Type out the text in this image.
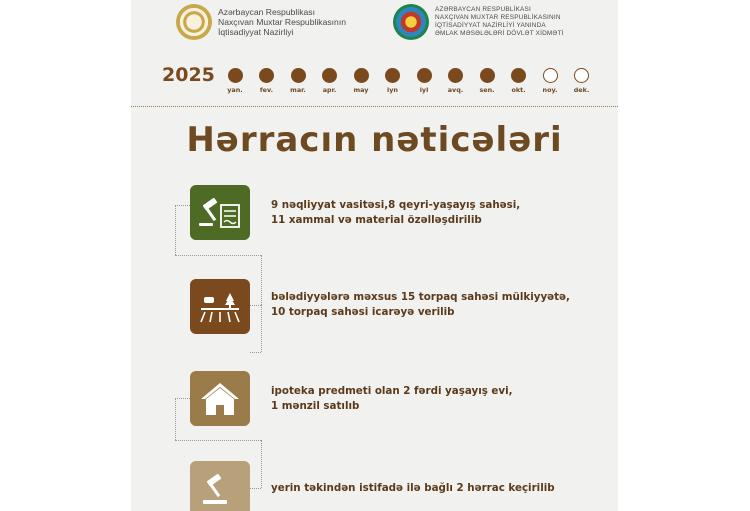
Azərbaycan Respublikası
Naxçıvan Muxtar Respublikasının
İqtisadiyyat Nazirliyi
AZƏRBAYCAN RESPUBLİKASI
NAXÇIVAN MUXTAR RESPUBLİKASININ
İQTİSADİYYAT NAZİRLİYİ YANINDA
ƏMLAK MƏSƏLƏLƏRİ DÖVLƏT XİDMƏTİ
2025
yan.	fev.	mar.	apr.	may	iyn	iyl	avq.	sen.	okt.	noy.	dek.
Hərracın nəticələri
9 nəqliyyat vasitəsi,8 qeyri-yaşayış sahəsi,
11 xammal və material özəlləşdirilib
bələdiyyələrə məxsus 15 torpaq sahəsi mülkiyyətə,
10 torpaq sahəsi icarəyə verilib
ipoteka predmeti olan 2 fərdi yaşayış evi,
1 mənzil satılıb
yerin təkindən istifadə ilə bağlı 2 hərrac keçirilib
